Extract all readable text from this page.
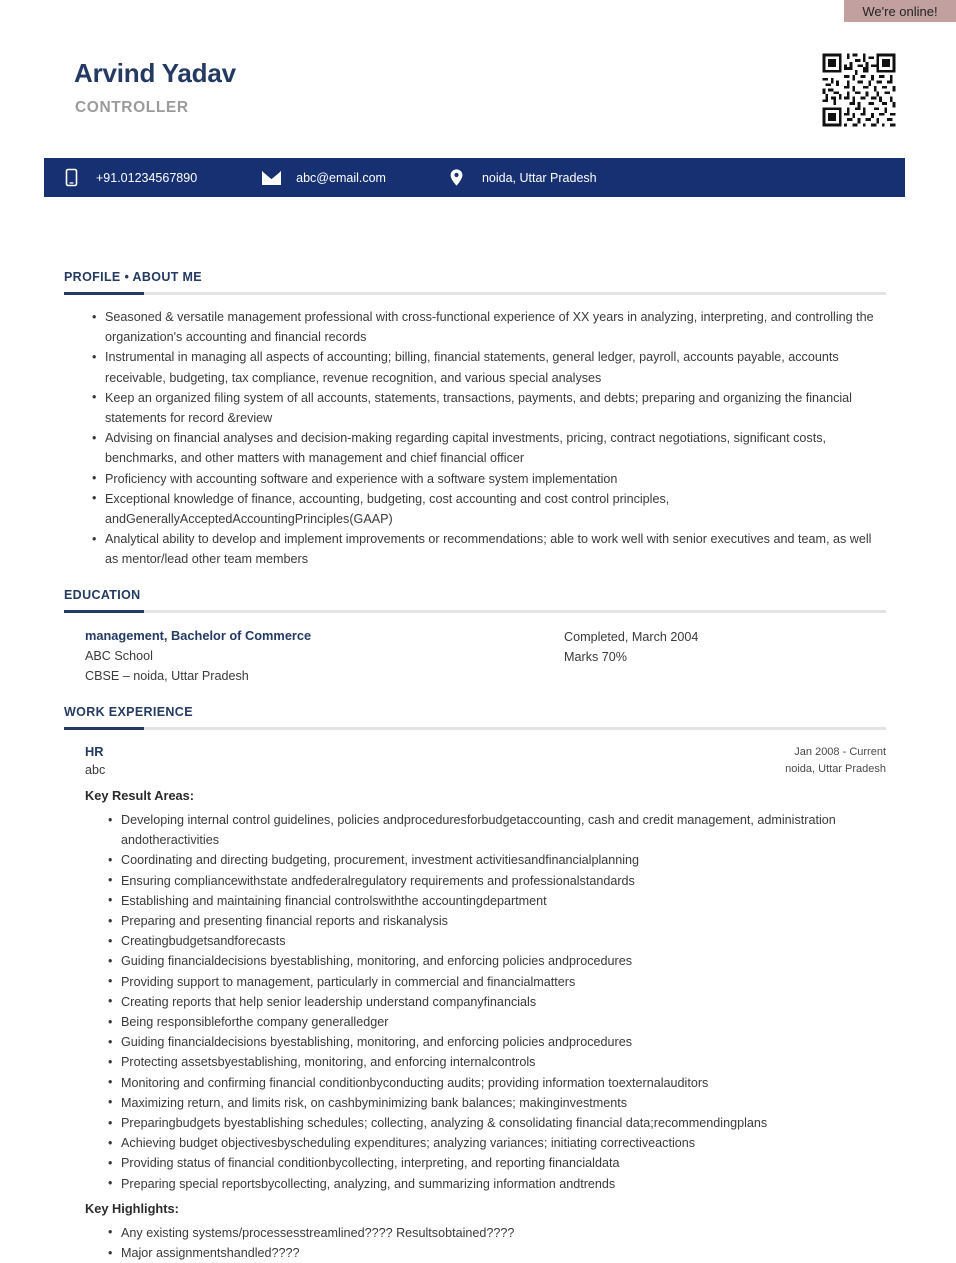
We're online!
Arvind Yadav
CONTROLLER
+91.01234567890	abc@email.com	noida, Uttar Pradesh
PROFILE • ABOUT ME
• Seasoned & versatile management professional with cross-functional experience of XX years in analyzing, interpreting, and controlling the organization's accounting and financial records
• Instrumental in managing all aspects of accounting; billing, financial statements, general ledger, payroll, accounts payable, accounts receivable, budgeting, tax compliance, revenue recognition, and various special analyses
• Keep an organized filing system of all accounts, statements, transactions, payments, and debts; preparing and organizing the financial statements for record &review
• Advising on financial analyses and decision-making regarding capital investments, pricing, contract negotiations, significant costs, benchmarks, and other matters with management and chief financial officer
• Proficiency with accounting software and experience with a software system implementation
• Exceptional knowledge of finance, accounting, budgeting, cost accounting and cost control principles, andGenerallyAcceptedAccountingPrinciples(GAAP)
• Analytical ability to develop and implement improvements or recommendations; able to work well with senior executives and team, as well as mentor/lead other team members
EDUCATION
management, Bachelor of Commerce
ABC School
CBSE – noida, Uttar Pradesh
Completed, March 2004
Marks 70%
WORK EXPERIENCE
HR
abc
Jan 2008 - Current
noida, Uttar Pradesh
Key Result Areas:
• Developing internal control guidelines, policies andproceduresforbudgetaccounting, cash and credit management, administration andotheractivities
• Coordinating and directing budgeting, procurement, investment activitiesandfinancialplanning
• Ensuring compliancewithstate andfederalregulatory requirements and professionalstandards
• Establishing and maintaining financial controlswiththe accountingdepartment
• Preparing and presenting financial reports and riskanalysis
• Creatingbudgetsandforecasts
• Guiding financialdecisions byestablishing, monitoring, and enforcing policies andprocedures
• Providing support to management, particularly in commercial and financialmatters
• Creating reports that help senior leadership understand companyfinancials
• Being responsibleforthe company generalledger
• Guiding financialdecisions byestablishing, monitoring, and enforcing policies andprocedures
• Protecting assetsbyestablishing, monitoring, and enforcing internalcontrols
• Monitoring and confirming financial conditionbyconducting audits; providing information toexternalauditors
• Maximizing return, and limits risk, on cashbyminimizing bank balances; makinginvestments
• Preparingbudgets byestablishing schedules; collecting, analyzing & consolidating financial data;recommendingplans
• Achieving budget objectivesbyscheduling expenditures; analyzing variances; initiating correctiveactions
• Providing status of financial conditionbycollecting, interpreting, and reporting financialdata
• Preparing special reportsbycollecting, analyzing, and summarizing information andtrends
Key Highlights:
• Any existing systems/processesstreamlined???? Resultsobtained????
• Major assignmentshandled????
